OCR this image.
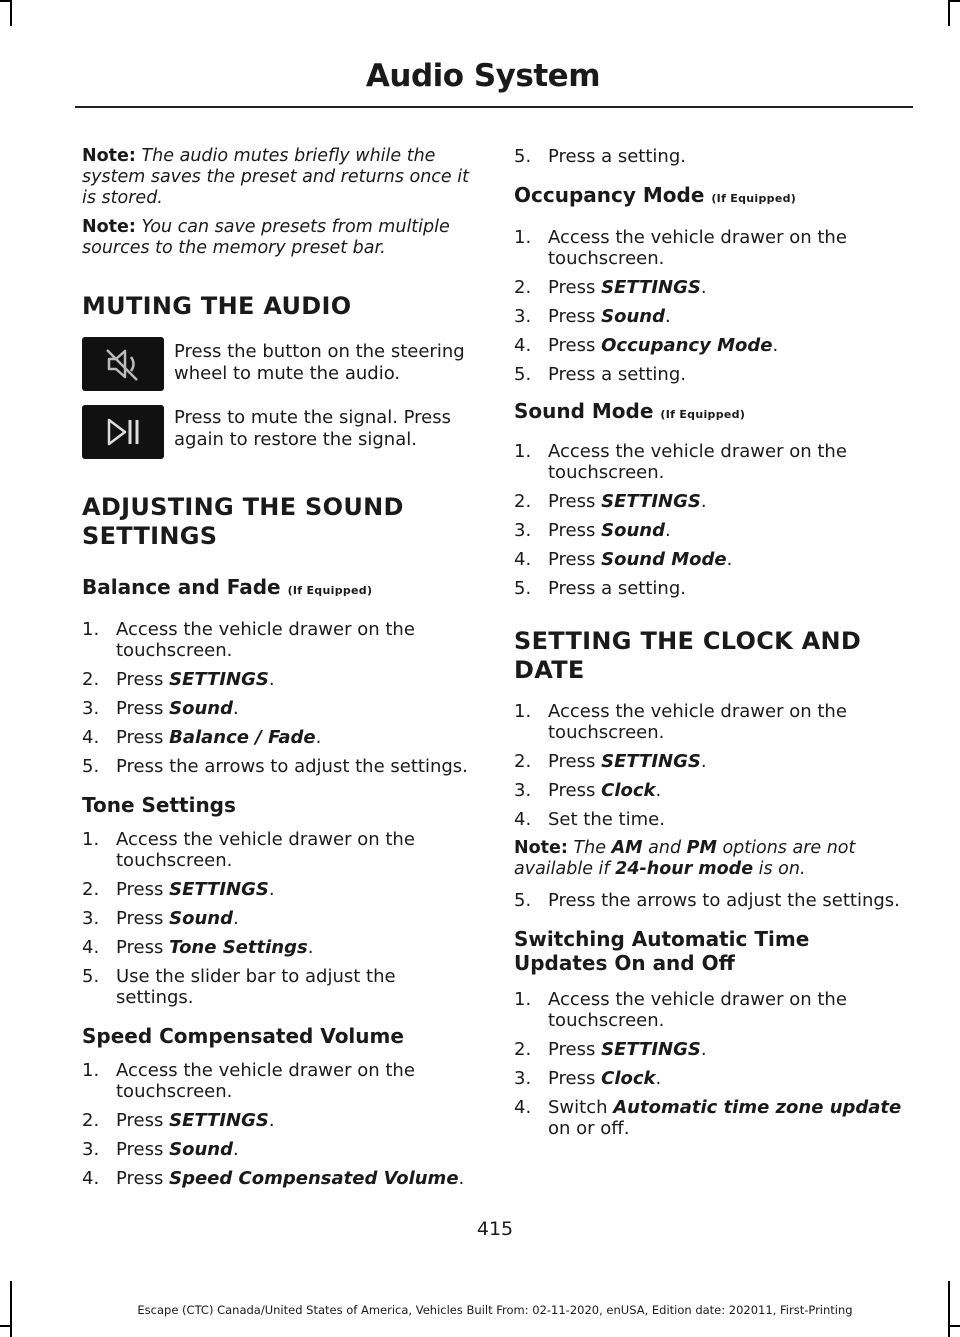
Audio System

Note: The audio mutes briefly while the system saves the preset and returns once it is stored.

Note: You can save presets from multiple sources to the memory preset bar.

MUTING THE AUDIO
Press the button on the steering wheel to mute the audio.
Press to mute the signal. Press again to restore the signal.
ADJUSTING THE SOUND
SETTINGS
Balance and Fade (If Equipped)
1. Access the vehicle drawer on the touchscreen.
2. Press SETTINGS.
3. Press Sound.
4. Press Balance / Fade.
5. Press the arrows to adjust the settings.
Tone Settings
1. Access the vehicle drawer on the touchscreen.
2. Press SETTINGS.
3. Press Sound.
4. Press Tone Settings.
5. Use the slider bar to adjust the settings.
Speed Compensated Volume
1. Access the vehicle drawer on the touchscreen.
2. Press SETTINGS.
3. Press Sound.
4. Press Speed Compensated Volume.
5. Press a setting.
Occupancy Mode (If Equipped)
1. Access the vehicle drawer on the touchscreen.
2. Press SETTINGS.
3. Press Sound.
4. Press Occupancy Mode.
5. Press a setting.
Sound Mode (If Equipped)
1. Access the vehicle drawer on the touchscreen.
2. Press SETTINGS.
3. Press Sound.
4. Press Sound Mode.
5. Press a setting.
SETTING THE CLOCK AND
DATE
1. Access the vehicle drawer on the touchscreen.
2. Press SETTINGS.
3. Press Clock.
4. Set the time.

Note: The AM and PM options are not available if 24-hour mode is on.

5. Press the arrows to adjust the settings.
Switching Automatic Time
Updates On and Off
1. Access the vehicle drawer on the touchscreen.
2. Press SETTINGS.
3. Press Clock.
4. Switch Automatic time zone update on or off.
415
Escape (CTC) Canada/United States of America, Vehicles Built From: 02-11-2020, enUSA, Edition date: 202011, First-Printing
